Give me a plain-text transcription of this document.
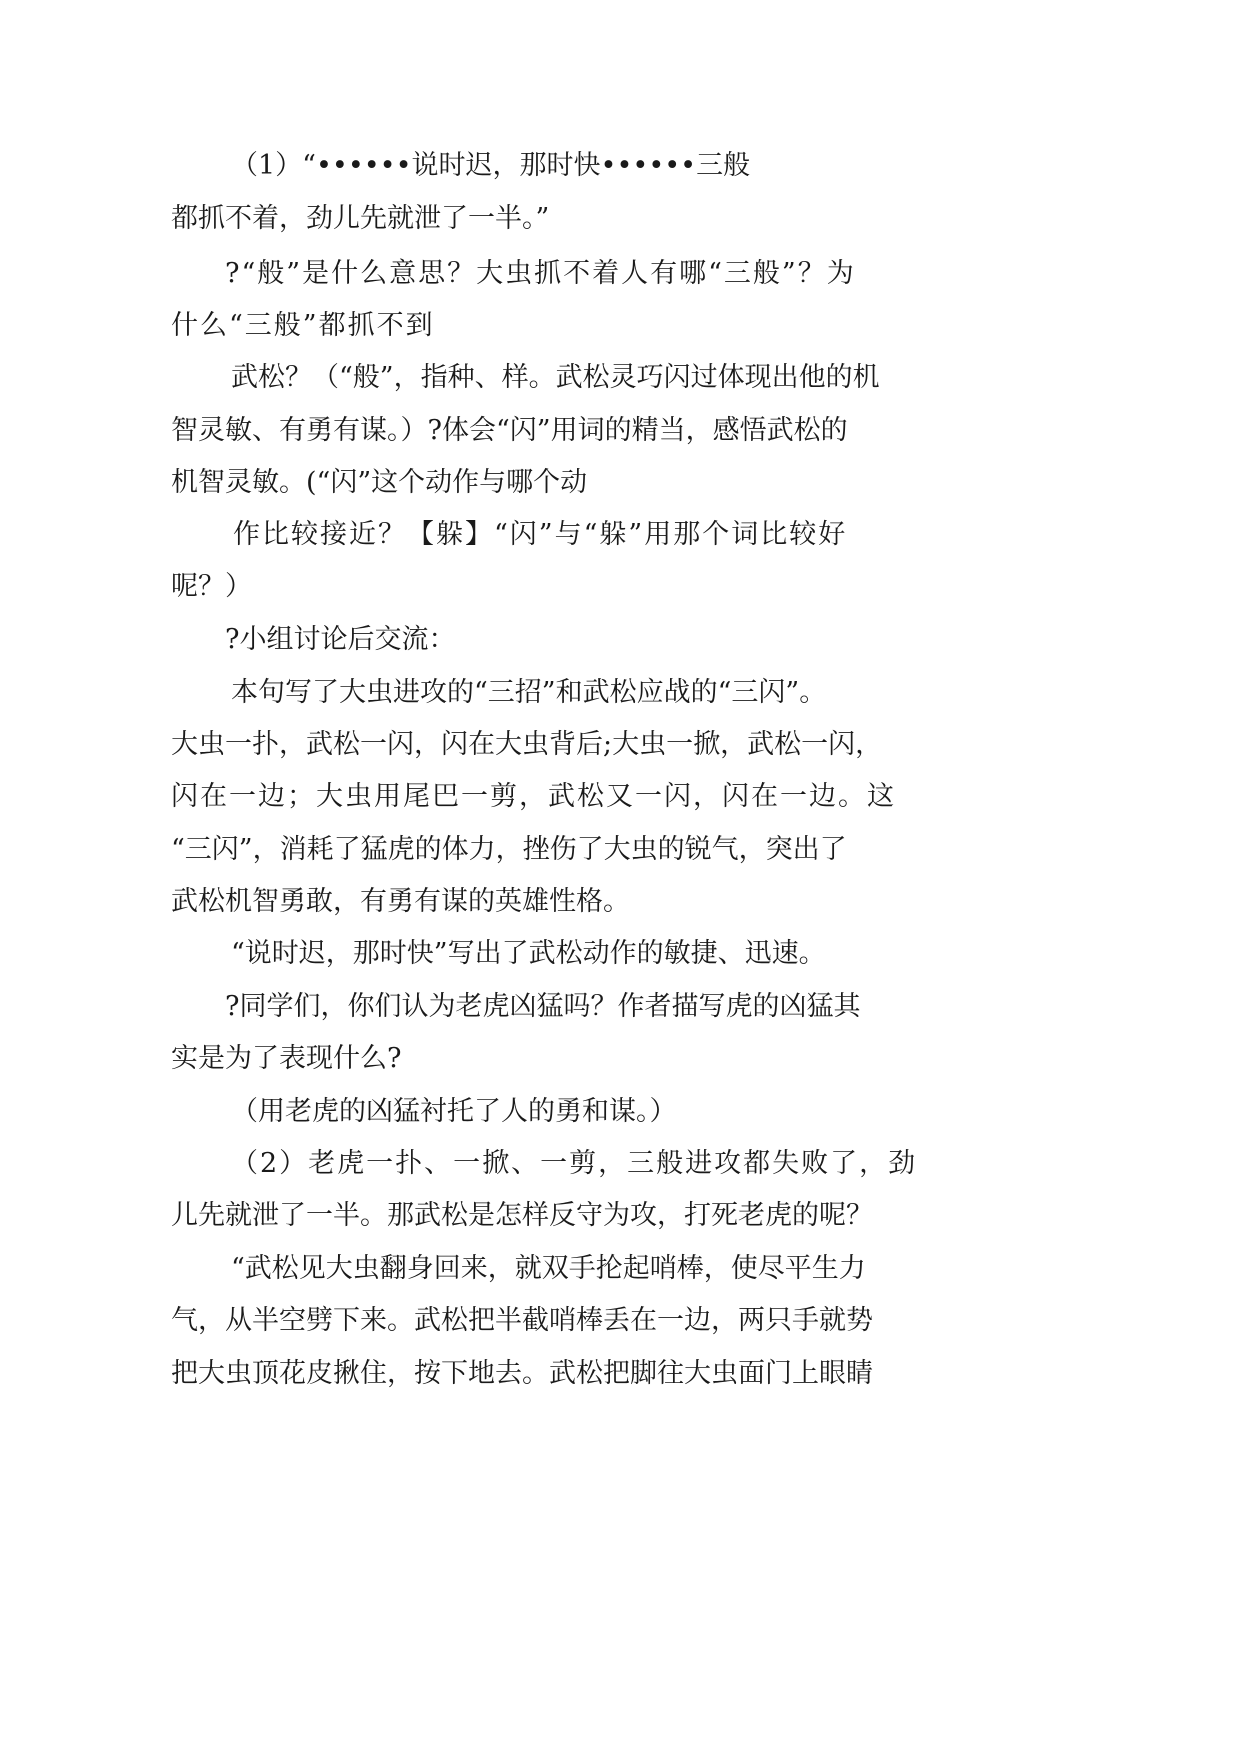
（1）“••••••说时迟，那时快••••••三般
都抓不着，劲儿先就泄了一半。”
?“般”是什么意思？大虫抓不着人有哪“三般”？为
什么“三般”都抓不到
武松？（“般”，指种、样。武松灵巧闪过体现出他的机
智灵敏、有勇有谋。）?体会“闪”用词的精当，感悟武松的
机智灵敏。(“闪”这个动作与哪个动
作比较接近？【躲】“闪”与“躲”用那个词比较好
呢？）
?小组讨论后交流：
本句写了大虫进攻的“三招”和武松应战的“三闪”。
大虫一扑，武松一闪，闪在大虫背后;大虫一掀，武松一闪，
闪在一边；大虫用尾巴一剪，武松又一闪，闪在一边。这
“三闪”，消耗了猛虎的体力，挫伤了大虫的锐气，突出了
武松机智勇敢，有勇有谋的英雄性格。
“说时迟，那时快”写出了武松动作的敏捷、迅速。
?同学们，你们认为老虎凶猛吗？作者描写虎的凶猛其
实是为了表现什么?
（用老虎的凶猛衬托了人的勇和谋。）
（2）老虎一扑、一掀、一剪，三般进攻都失败了，劲
儿先就泄了一半。那武松是怎样反守为攻，打死老虎的呢？
“武松见大虫翻身回来，就双手抡起哨棒，使尽平生力
气，从半空劈下来。武松把半截哨棒丢在一边，两只手就势
把大虫顶花皮揪住，按下地去。武松把脚往大虫面门上眼睛
